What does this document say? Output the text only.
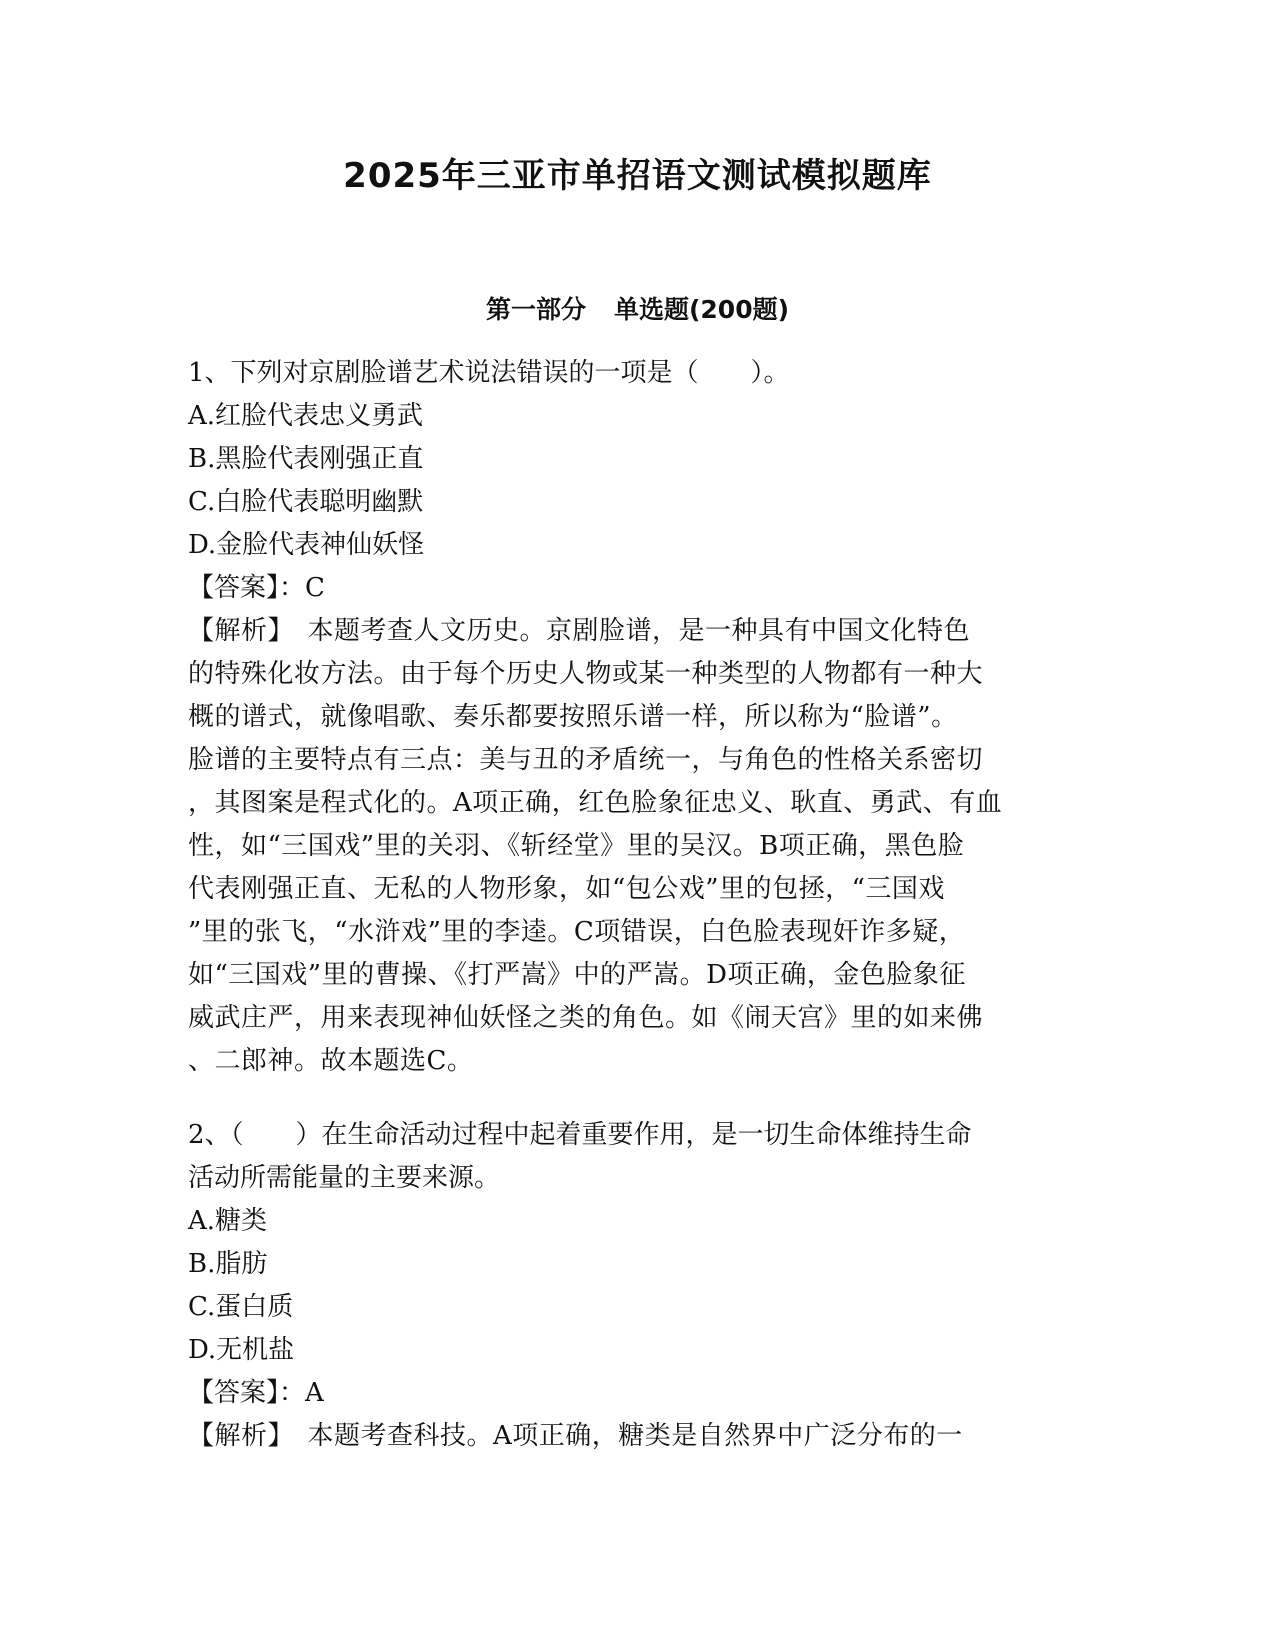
2025年三亚市单招语文测试模拟题库
第一部分 单选题(200题)

1、下列对京剧脸谱艺术说法错误的一项是（　　）。

A.红脸代表忠义勇武

B.黑脸代表刚强正直

C.白脸代表聪明幽默

D.金脸代表神仙妖怪

【答案】：C

【解析】　本题考查人文历史。京剧脸谱，是一种具有中国文化特色

的特殊化妆方法。由于每个历史人物或某一种类型的人物都有一种大

概的谱式，就像唱歌、奏乐都要按照乐谱一样，所以称为“脸谱”。

脸谱的主要特点有三点：美与丑的矛盾统一，与角色的性格关系密切

，其图案是程式化的。A项正确，红色脸象征忠义、耿直、勇武、有血

性，如“三国戏”里的关羽、《斩经堂》里的吴汉。B项正确，黑色脸

代表刚强正直、无私的人物形象，如“包公戏”里的包拯，“三国戏

”里的张飞，“水浒戏”里的李逵。C项错误，白色脸表现奸诈多疑，

如“三国戏”里的曹操、《打严嵩》中的严嵩。D项正确，金色脸象征

威武庄严，用来表现神仙妖怪之类的角色。如《闹天宫》里的如来佛

、二郎神。故本题选C。

2、（　　）在生命活动过程中起着重要作用，是一切生命体维持生命

活动所需能量的主要来源。

A.糖类

B.脂肪

C.蛋白质

D.无机盐

【答案】：A

【解析】　本题考查科技。A项正确，糖类是自然界中广泛分布的一
